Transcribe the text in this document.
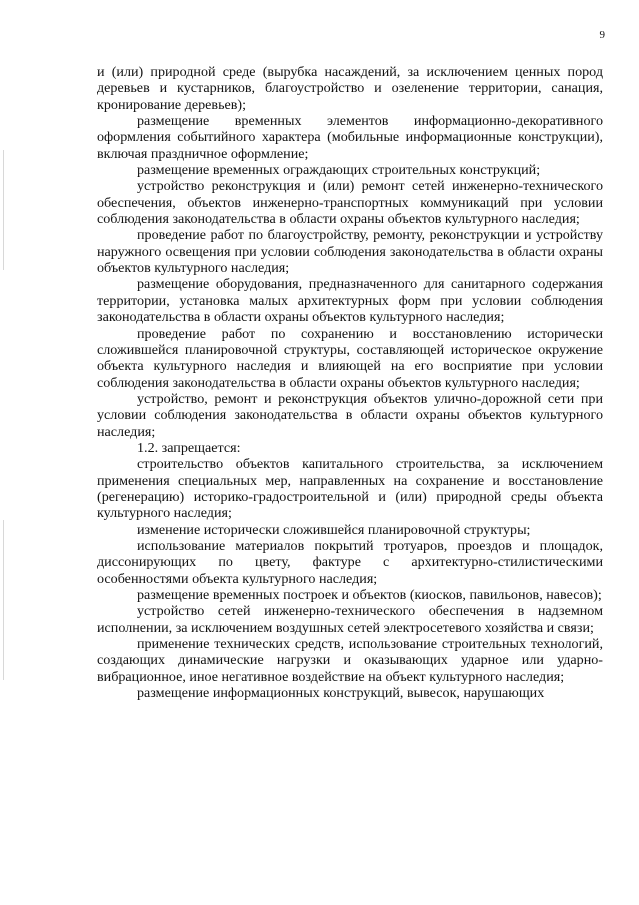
9

и (или) природной среде (вырубка насаждений, за исключением ценных пород деревьев и кустарников, благоустройство и озеленение территории, санация, кронирование деревьев);

размещение временных элементов информационно-декоративного оформления событийного характера (мобильные информационные конструкции), включая праздничное оформление;

размещение временных ограждающих строительных конструкций;

устройство реконструкция и (или) ремонт сетей инженерно-технического обеспечения, объектов инженерно-транспортных коммуникаций при условии соблюдения законодательства в области охраны объектов культурного наследия;

проведение работ по благоустройству, ремонту, реконструкции и устройству наружного освещения при условии соблюдения законодательства в области охраны объектов культурного наследия;

размещение оборудования, предназначенного для санитарного содержания территории, установка малых архитектурных форм при условии соблюдения законодательства в области охраны объектов культурного наследия;

проведение работ по сохранению и восстановлению исторически сложившейся планировочной структуры, составляющей историческое окружение объекта культурного наследия и влияющей на его восприятие при условии соблюдения законодательства в области охраны объектов культурного наследия;

устройство, ремонт и реконструкция объектов улично-дорожной сети при условии соблюдения законодательства в области охраны объектов культурного наследия;

1.2. запрещается:

строительство объектов капитального строительства, за исключением применения специальных мер, направленных на сохранение и восстановление (регенерацию) историко-градостроительной и (или) природной среды объекта культурного наследия;

изменение исторически сложившейся планировочной структуры;

использование материалов покрытий тротуаров, проездов и площадок, диссонирующих по цвету, фактуре с архитектурно-стилистическими особенностями объекта культурного наследия;

размещение временных построек и объектов (киосков, павильонов, навесов);

устройство сетей инженерно-технического обеспечения в надземном исполнении, за исключением воздушных сетей электросетевого хозяйства и связи;

применение технических средств, использование строительных технологий, создающих динамические нагрузки и оказывающих ударное или ударно-вибрационное, иное негативное воздействие на объект культурного наследия;

размещение информационных конструкций, вывесок, нарушающих
